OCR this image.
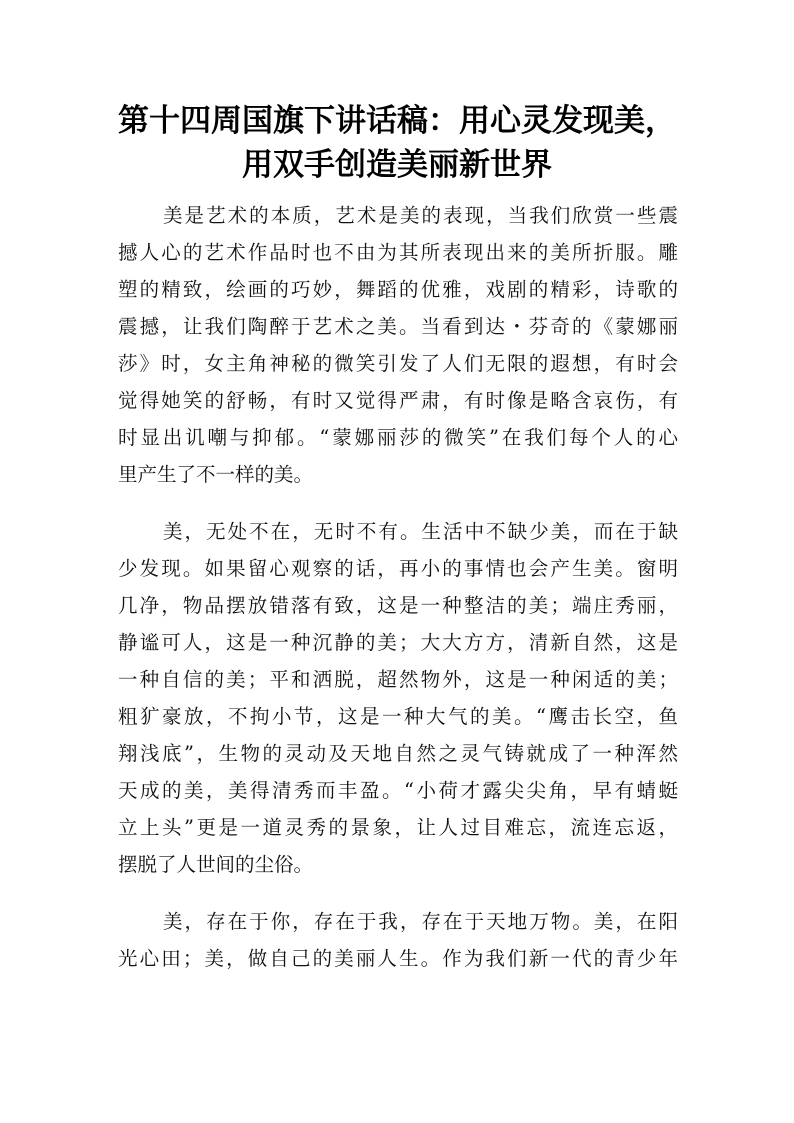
第十四周国旗下讲话稿：用心灵发现美，
用双手创造美丽新世界
美是艺术的本质，艺术是美的表现，当我们欣赏一些震
撼人心的艺术作品时也不由为其所表现出来的美所折服。雕
塑的精致，绘画的巧妙，舞蹈的优雅，戏剧的精彩，诗歌的
震撼，让我们陶醉于艺术之美。当看到达・芬奇的《蒙娜丽
莎》时，女主角神秘的微笑引发了人们无限的遐想，有时会
觉得她笑的舒畅，有时又觉得严肃，有时像是略含哀伤，有
时显出讥嘲与抑郁。“蒙娜丽莎的微笑”在我们每个人的心
里产生了不一样的美。
美，无处不在，无时不有。生活中不缺少美，而在于缺
少发现。如果留心观察的话，再小的事情也会产生美。窗明
几净，物品摆放错落有致，这是一种整洁的美；端庄秀丽，
静谧可人，这是一种沉静的美；大大方方，清新自然，这是
一种自信的美；平和洒脱，超然物外，这是一种闲适的美；
粗犷豪放，不拘小节，这是一种大气的美。“鹰击长空，鱼
翔浅底”，生物的灵动及天地自然之灵气铸就成了一种浑然
天成的美，美得清秀而丰盈。“小荷才露尖尖角，早有蜻蜓
立上头”更是一道灵秀的景象，让人过目难忘，流连忘返，
摆脱了人世间的尘俗。
美，存在于你，存在于我，存在于天地万物。美，在阳
光心田；美，做自己的美丽人生。作为我们新一代的青少年
